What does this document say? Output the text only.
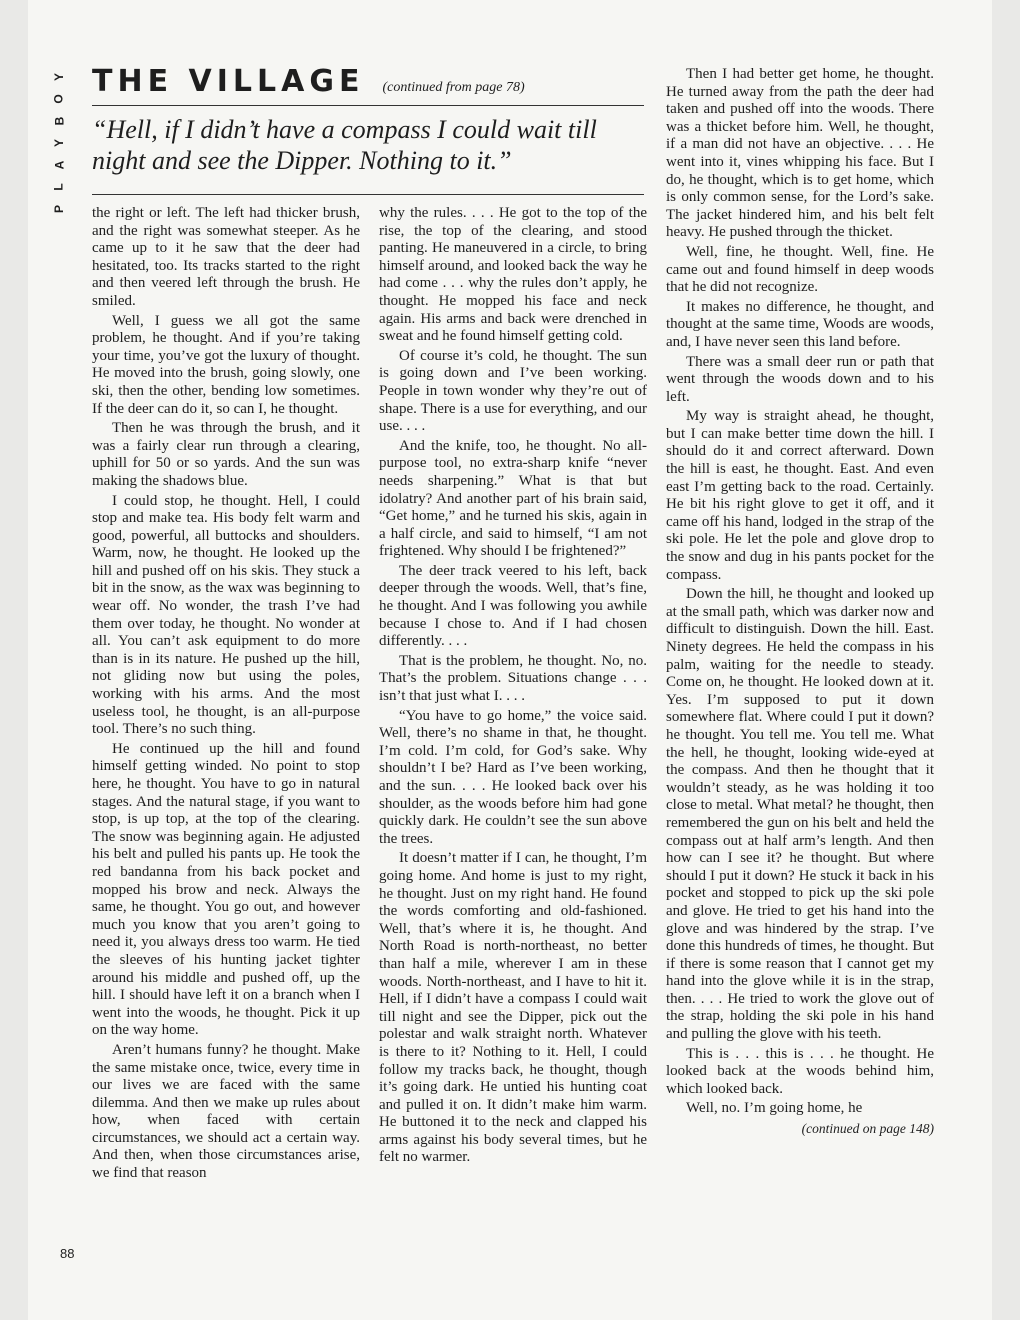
Y
O
B
Y
A
L
P
88
THE VILLAGE (continued from page 78)

“Hell, if I didn’t have a compass I could wait till night and see the Dipper. Nothing to it.”

the right or left. The left had thicker brush, and the right was somewhat steeper. As he came up to it he saw that the deer had hesitated, too. Its tracks started to the right and then veered left through the brush. He smiled.

Well, I guess we all got the same problem, he thought. And if you’re taking your time, you’ve got the luxury of thought. He moved into the brush, going slowly, one ski, then the other, bending low sometimes. If the deer can do it, so can I, he thought.

Then he was through the brush, and it was a fairly clear run through a clearing, uphill for 50 or so yards. And the sun was making the shadows blue.

I could stop, he thought. Hell, I could stop and make tea. His body felt warm and good, powerful, all buttocks and shoulders. Warm, now, he thought. He looked up the hill and pushed off on his skis. They stuck a bit in the snow, as the wax was beginning to wear off. No wonder, the trash I’ve had them over today, he thought. No wonder at all. You can’t ask equipment to do more than is in its nature. He pushed up the hill, not gliding now but using the poles, working with his arms. And the most useless tool, he thought, is an all-purpose tool. There’s no such thing.

He continued up the hill and found himself getting winded. No point to stop here, he thought. You have to go in natural stages. And the natural stage, if you want to stop, is up top, at the top of the clearing. The snow was beginning again. He adjusted his belt and pulled his pants up. He took the red bandanna from his back pocket and mopped his brow and neck. Always the same, he thought. You go out, and however much you know that you aren’t going to need it, you always dress too warm. He tied the sleeves of his hunting jacket tighter around his middle and pushed off, up the hill. I should have left it on a branch when I went into the woods, he thought. Pick it up on the way home.

Aren’t humans funny? he thought. Make the same mistake once, twice, every time in our lives we are faced with the same dilemma. And then we make up rules about how, when faced with certain circumstances, we should act a certain way. And then, when those circumstances arise, we find that reason

why the rules. . . . He got to the top of the rise, the top of the clearing, and stood panting. He maneuvered in a circle, to bring himself around, and looked back the way he had come . . . why the rules don’t apply, he thought. He mopped his face and neck again. His arms and back were drenched in sweat and he found himself getting cold.

Of course it’s cold, he thought. The sun is going down and I’ve been working. People in town wonder why they’re out of shape. There is a use for everything, and our use. . . .

And the knife, too, he thought. No all-purpose tool, no extra-sharp knife “never needs sharpening.” What is that but idolatry? And another part of his brain said, “Get home,” and he turned his skis, again in a half circle, and said to himself, “I am not frightened. Why should I be frightened?”

The deer track veered to his left, back deeper through the woods. Well, that’s fine, he thought. And I was following you awhile because I chose to. And if I had chosen differently. . . .

That is the problem, he thought. No, no. That’s the problem. Situations change . . . isn’t that just what I. . . .

“You have to go home,” the voice said. Well, there’s no shame in that, he thought. I’m cold. I’m cold, for God’s sake. Why shouldn’t I be? Hard as I’ve been working, and the sun. . . . He looked back over his shoulder, as the woods before him had gone quickly dark. He couldn’t see the sun above the trees.

It doesn’t matter if I can, he thought, I’m going home. And home is just to my right, he thought. Just on my right hand. He found the words comforting and old-fashioned. Well, that’s where it is, he thought. And North Road is north-northeast, no better than half a mile, wherever I am in these woods. North-northeast, and I have to hit it. Hell, if I didn’t have a compass I could wait till night and see the Dipper, pick out the polestar and walk straight north. Whatever is there to it? Nothing to it. Hell, I could follow my tracks back, he thought, though it’s going dark. He untied his hunting coat and pulled it on. It didn’t make him warm. He buttoned it to the neck and clapped his arms against his body several times, but he felt no warmer.

Then I had better get home, he thought. He turned away from the path the deer had taken and pushed off into the woods. There was a thicket before him. Well, he thought, if a man did not have an objective. . . . He went into it, vines whipping his face. But I do, he thought, which is to get home, which is only common sense, for the Lord’s sake. The jacket hindered him, and his belt felt heavy. He pushed through the thicket.

Well, fine, he thought. Well, fine. He came out and found himself in deep woods that he did not recognize.

It makes no difference, he thought, and thought at the same time, Woods are woods, and, I have never seen this land before.

There was a small deer run or path that went through the woods down and to his left.

My way is straight ahead, he thought, but I can make better time down the hill. I should do it and correct afterward. Down the hill is east, he thought. East. And even east I’m getting back to the road. Certainly. He bit his right glove to get it off, and it came off his hand, lodged in the strap of the ski pole. He let the pole and glove drop to the snow and dug in his pants pocket for the compass.

Down the hill, he thought and looked up at the small path, which was darker now and difficult to distinguish. Down the hill. East. Ninety degrees. He held the compass in his palm, waiting for the needle to steady. Come on, he thought. He looked down at it. Yes. I’m supposed to put it down somewhere flat. Where could I put it down? he thought. You tell me. You tell me. What the hell, he thought, looking wide-eyed at the compass. And then he thought that it wouldn’t steady, as he was holding it too close to metal. What metal? he thought, then remembered the gun on his belt and held the compass out at half arm’s length. And then how can I see it? he thought. But where should I put it down? He stuck it back in his pocket and stopped to pick up the ski pole and glove. He tried to get his hand into the glove and was hindered by the strap. I’ve done this hundreds of times, he thought. But if there is some reason that I cannot get my hand into the glove while it is in the strap, then. . . . He tried to work the glove out of the strap, holding the ski pole in his hand and pulling the glove with his teeth.

This is . . . this is . . . he thought. He looked back at the woods behind him, which looked back.

Well, no. I’m going home, he

(continued on page 148)
